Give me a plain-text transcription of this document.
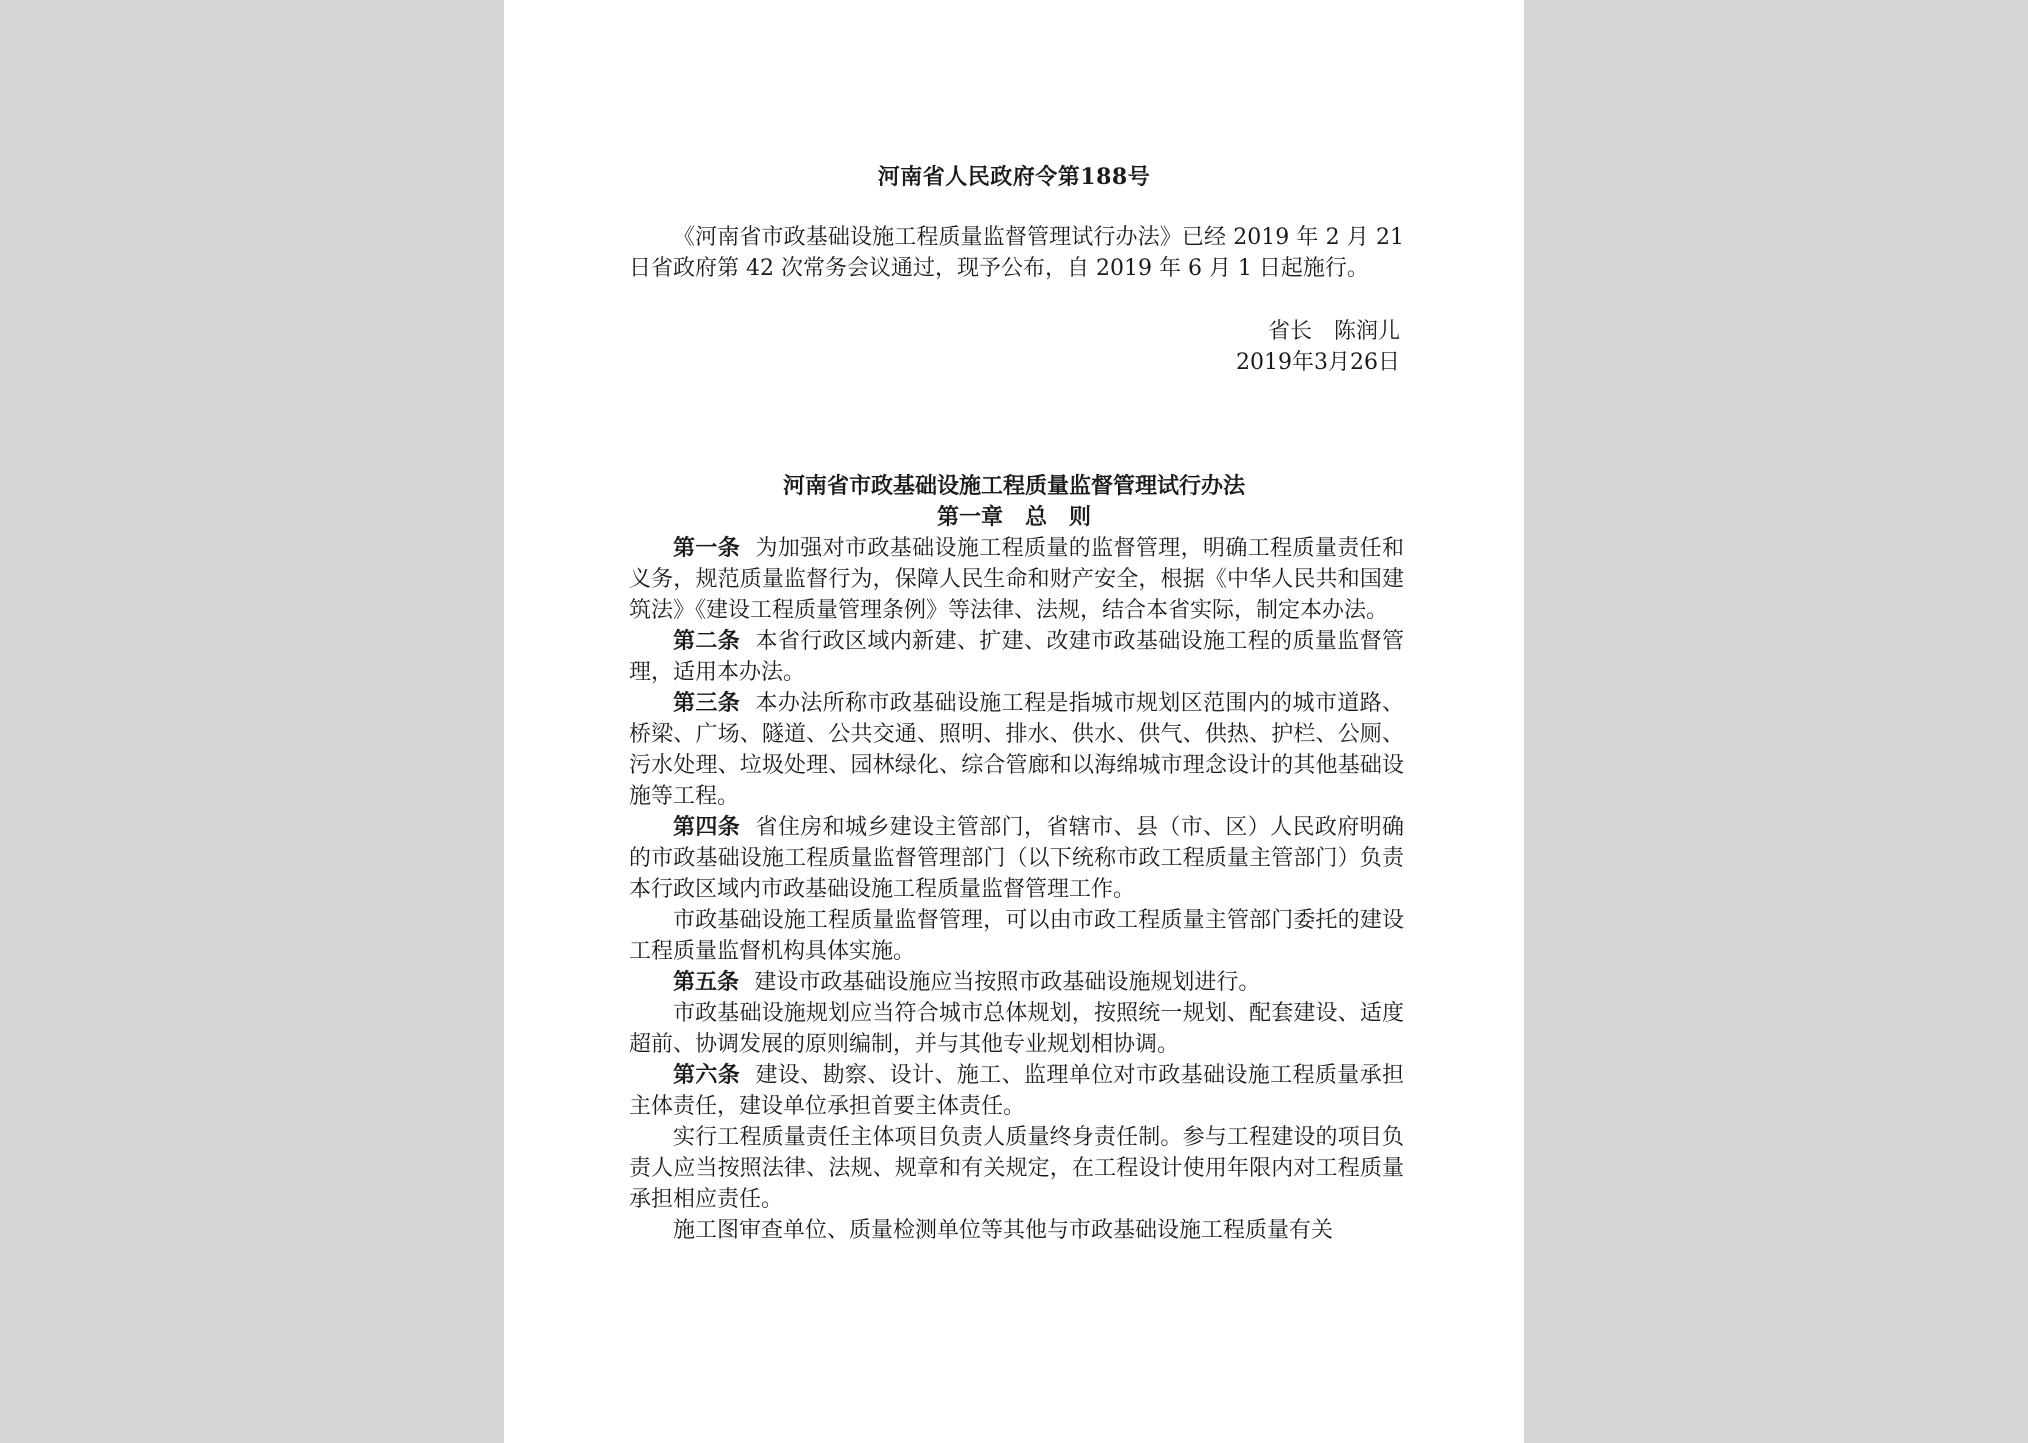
河南省人民政府令第188号
《河南省市政基础设施工程质量监督管理试行办法》已经 2019 年 2 月 21 日省政府第 42 次常务会议通过，现予公布，自 2019 年 6 月 1 日起施行。
省长　陈润儿
2019年3月26日
河南省市政基础设施工程质量监督管理试行办法
第一章　总　则

第一条 为加强对市政基础设施工程质量的监督管理，明确工程质量责任和义务，规范质量监督行为，保障人民生命和财产安全，根据《中华人民共和国建筑法》《建设工程质量管理条例》等法律、法规，结合本省实际，制定本办法。

第二条 本省行政区域内新建、扩建、改建市政基础设施工程的质量监督管理，适用本办法。

第三条 本办法所称市政基础设施工程是指城市规划区范围内的城市道路、桥梁、广场、隧道、公共交通、照明、排水、供水、供气、供热、护栏、公厕、污水处理、垃圾处理、园林绿化、综合管廊和以海绵城市理念设计的其他基础设施等工程。

第四条 省住房和城乡建设主管部门，省辖市、县（市、区）人民政府明确的市政基础设施工程质量监督管理部门（以下统称市政工程质量主管部门）负责本行政区域内市政基础设施工程质量监督管理工作。

市政基础设施工程质量监督管理，可以由市政工程质量主管部门委托的建设工程质量监督机构具体实施。

第五条 建设市政基础设施应当按照市政基础设施规划进行。

市政基础设施规划应当符合城市总体规划，按照统一规划、配套建设、适度超前、协调发展的原则编制，并与其他专业规划相协调。

第六条 建设、勘察、设计、施工、监理单位对市政基础设施工程质量承担主体责任，建设单位承担首要主体责任。

实行工程质量责任主体项目负责人质量终身责任制。参与工程建设的项目负责人应当按照法律、法规、规章和有关规定，在工程设计使用年限内对工程质量承担相应责任。

施工图审查单位、质量检测单位等其他与市政基础设施工程质量有关
